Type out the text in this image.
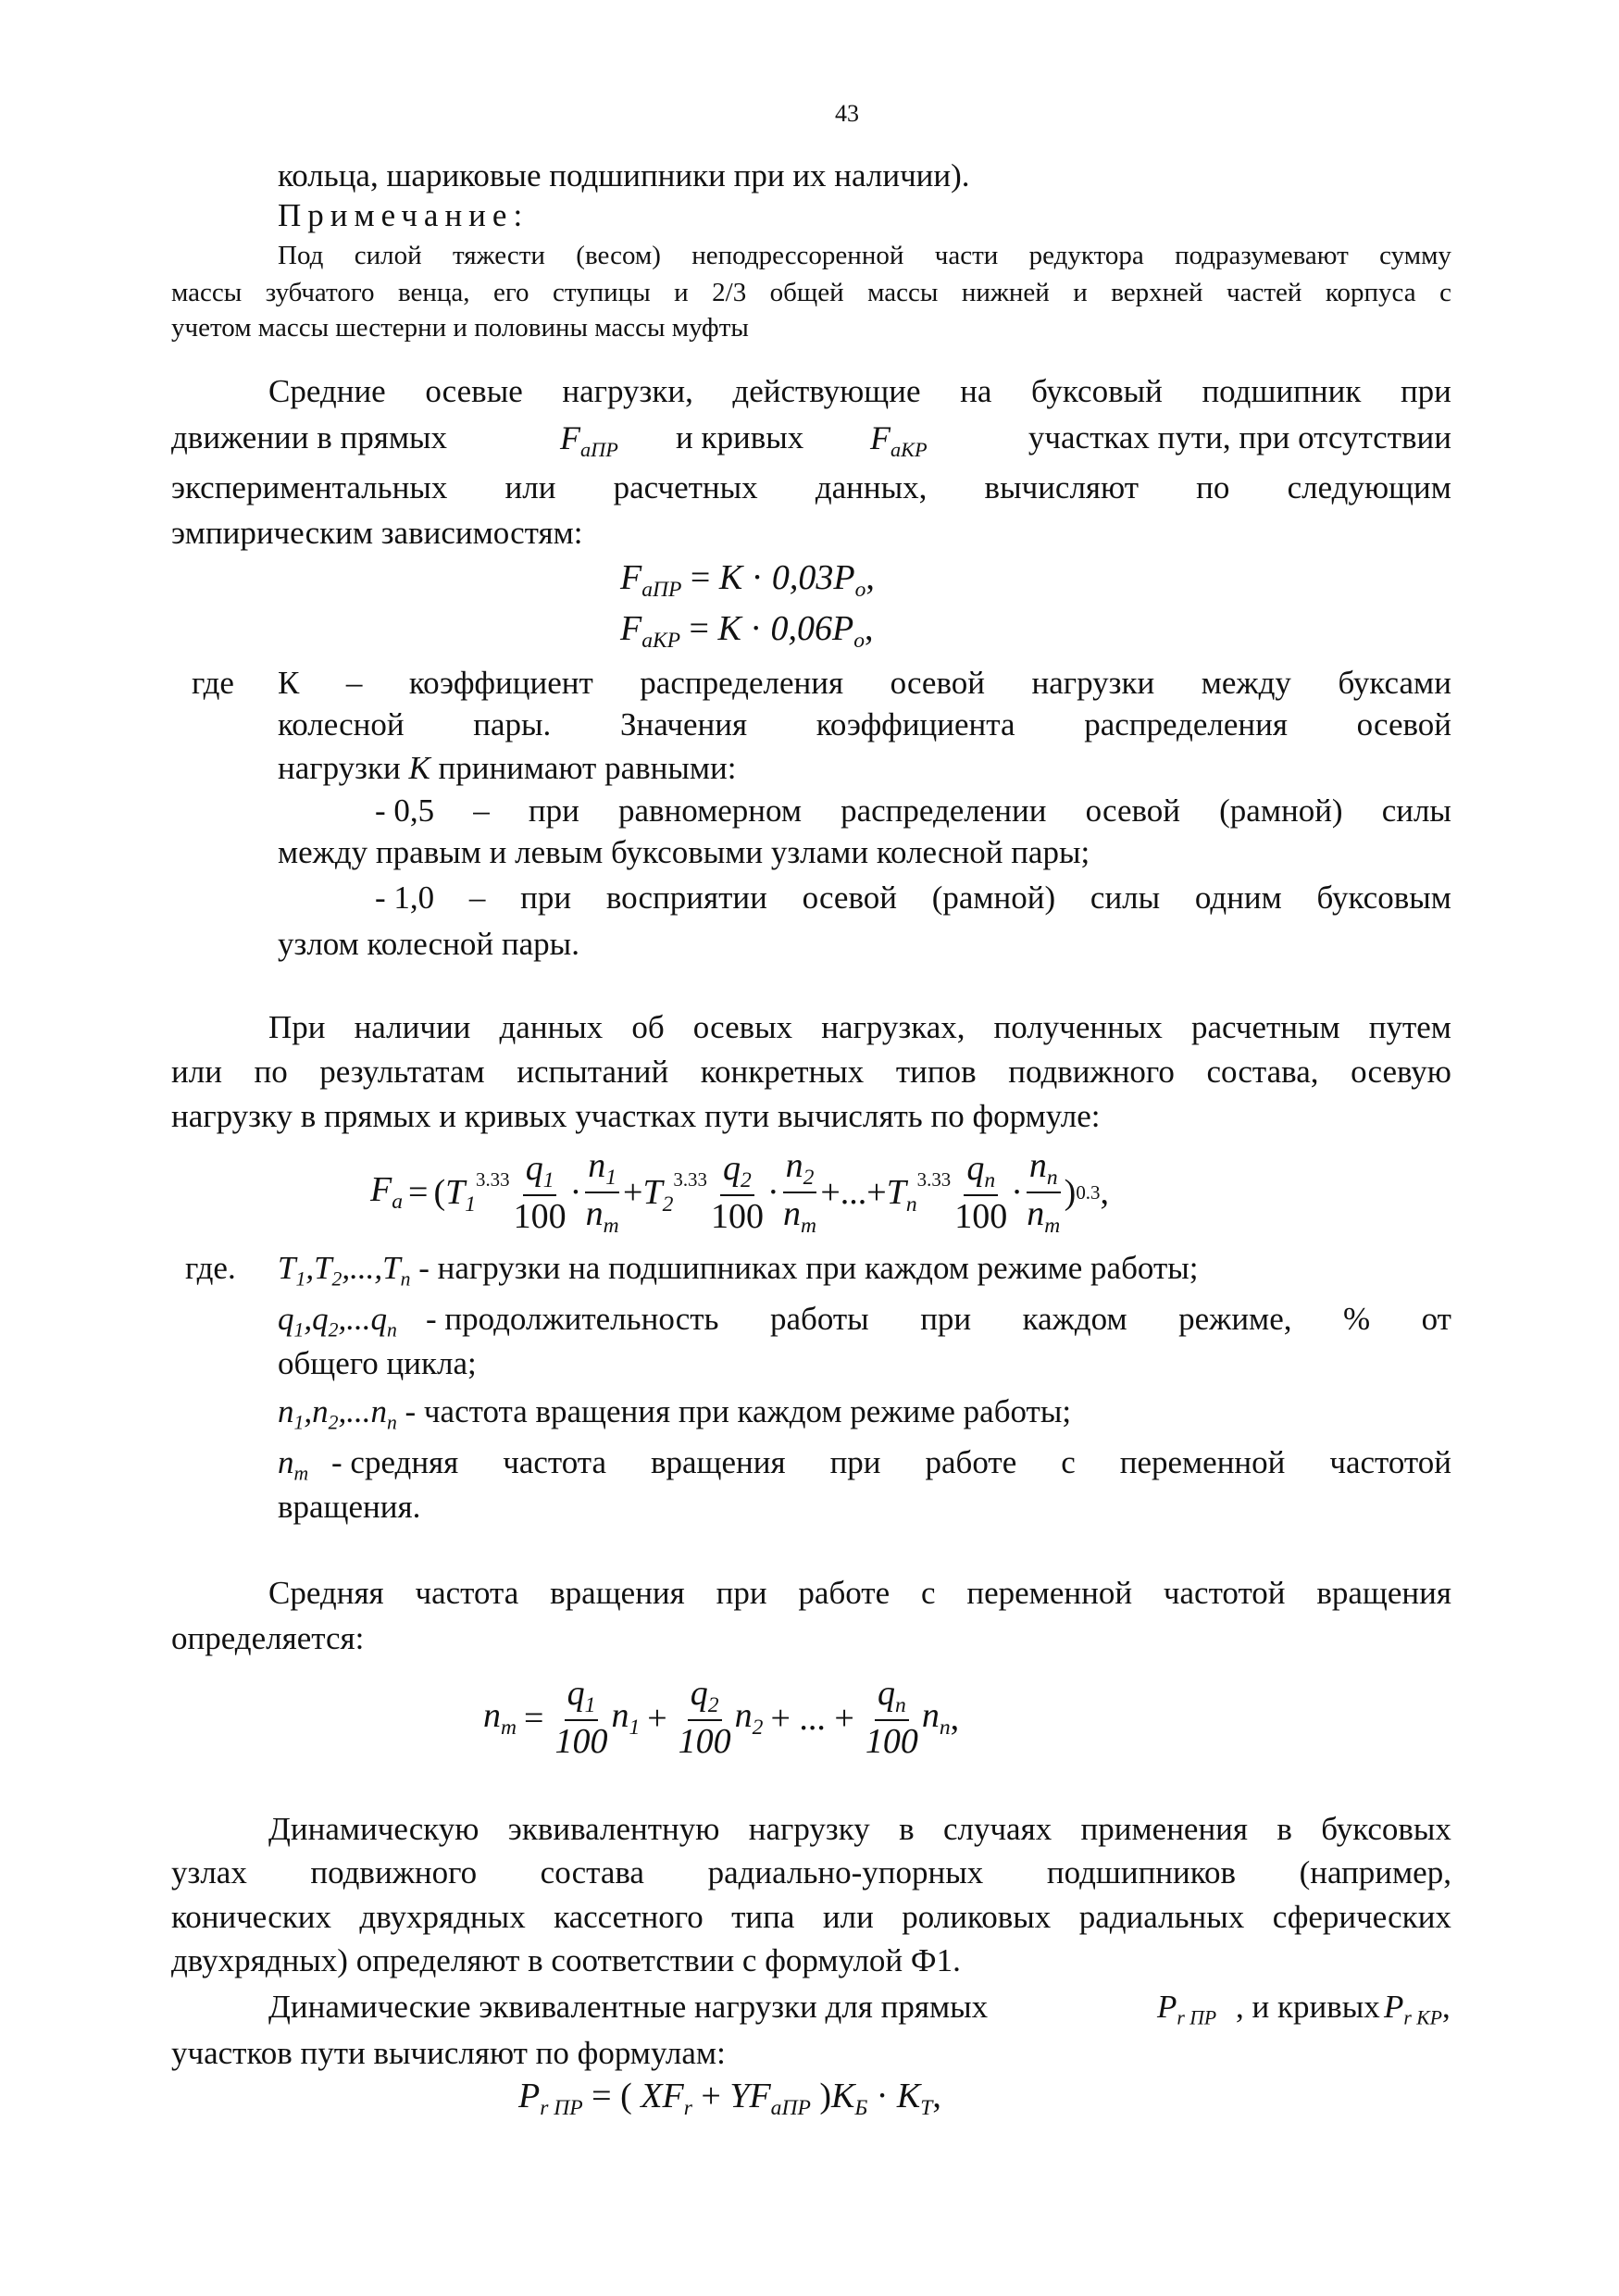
43
кольца, шариковые подшипники при их наличии).
Примечание:
Под силой тяжести (весом) неподрессоренной части редуктора подразумевают сумму
массы зубчатого венца, его ступицы и 2/3 общей массы нижней и верхней частей корпуса с
учетом массы шестерни и половины массы муфты
Средние осевые нагрузки, действующие на буксовый подшипник при
движении в прямых	$F_{аПР}$ и кривых $F_{аКР}$	участках пути, при отсутствии
экспериментальных или расчетных данных, вычисляют по следующим
эмпирическим зависимостям:
$F_{аПР} = K \cdot 0,03P_o$,
$F_{аКР} = K \cdot 0,06P_o$,
где К – коэффициент распределения осевой нагрузки между буксами
колесной пары. Значения коэффициента распределения осевой
нагрузки К принимают равными:
- 0,5 – при равномерном распределении осевой (рамной) силы
между правым и левым буксовыми узлами колесной пары;
- 1,0 – при восприятии осевой (рамной) силы одним буксовым
узлом колесной пары.
При наличии данных об осевых нагрузках, полученных расчетным путем
или по результатам испытаний конкретных типов подвижного состава, осевую
нагрузку в прямых и кривых участках пути вычислять по формуле:
$F_a$ = ( $T_1^{3.33} \frac{q_1}{100} \cdot \frac{n_1}{n_m} + T_2^{3.33} \frac{q_2}{100} \cdot \frac{n_2}{n_m}$ +...+ $T_n^{3.33} \frac{q_n}{100} \cdot \frac{n_n}{n_m}$ ) 0.3 ,
где. $T_1,T_2,...,T_n$ - нагрузки на подшипниках при каждом режиме работы;
$q_1,q_2,...q_n$ - продолжительность работы при каждом режиме, % от
общего цикла;
$n_1,n_2,...n_n$ - частота вращения при каждом режиме работы;
$n_m$ - средняя частота вращения при работе с переменной частотой
вращения.
Средняя частота вращения при работе с переменной частотой вращения
определяется:
$n_m = \frac{q_1}{100} n_1 + \frac{q_2}{100} n_2$ + ... + $\frac{q_n}{100} n_n$ ,
Динамическую эквивалентную нагрузку в случаях применения в буксовых
узлах подвижного состава радиально-упорных подшипников (например,
конических двухрядных кассетного типа или роликовых радиальных сферических
двухрядных) определяют в соответствии с формулой Ф1.
Динамические эквивалентные нагрузки для прямых	$P_{r ПР}$ , и кривых $P_{r KP}$,
участков пути вычисляют по формулам:
$P_{r ПР}$ = ( $XF_r + YF_{аПР}$ )$K_Б \cdot K_Т$,
